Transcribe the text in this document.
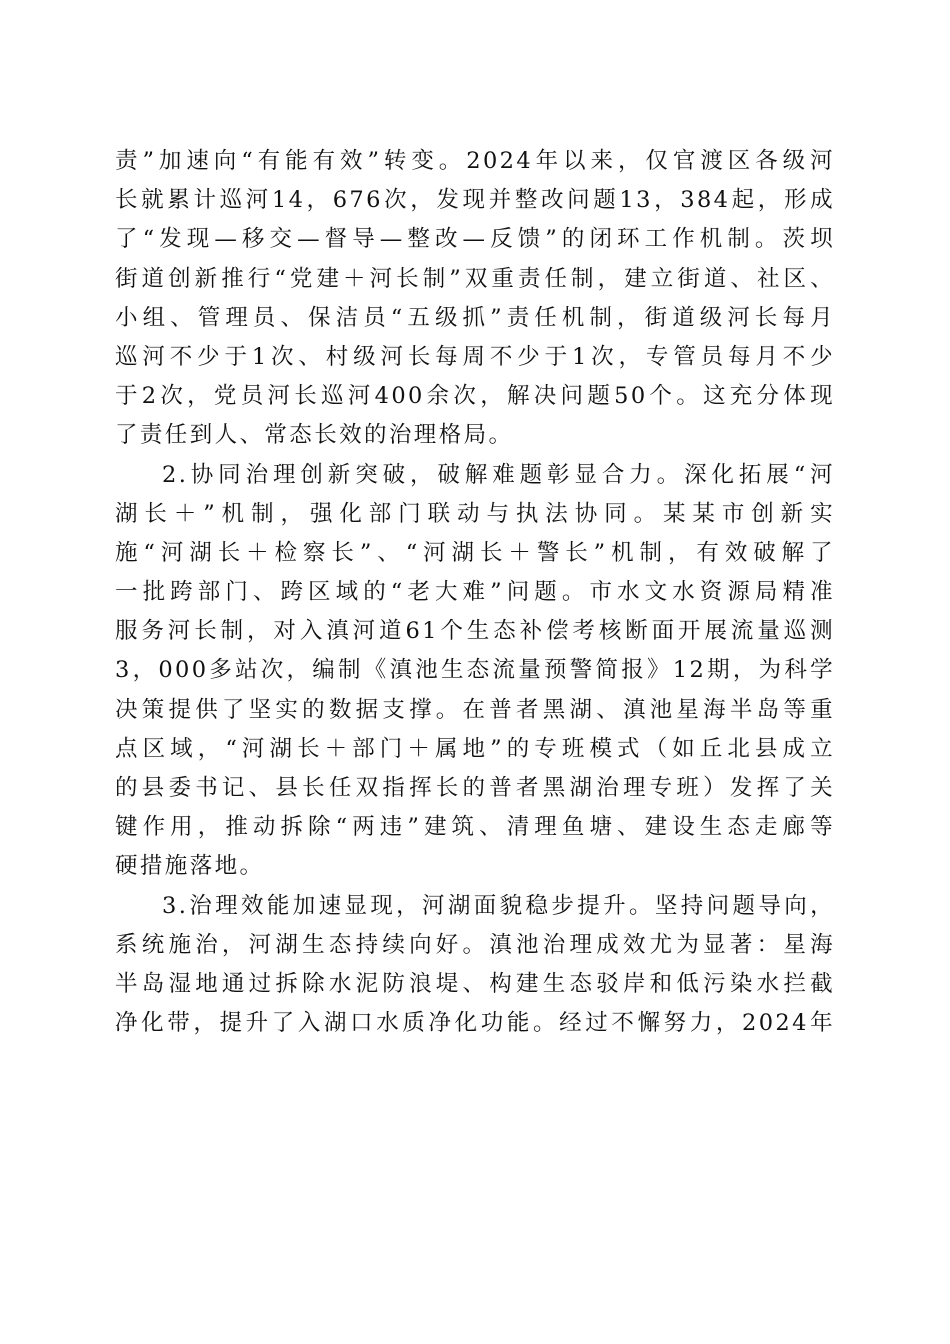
责”加速向“有能有效”转变。2024年以来，仅官渡区各级河
长就累计巡河14，676次，发现并整改问题13，384起，形成
了“发现—移交—督导—整改—反馈”的闭环工作机制。茨坝
街道创新推行“党建＋河长制”双重责任制，建立街道、社区、
小组、管理员、保洁员“五级抓”责任机制，街道级河长每月
巡河不少于1次、村级河长每周不少于1次，专管员每月不少
于2次，党员河长巡河400余次，解决问题50个。这充分体现
了责任到人、常态长效的治理格局。
2.协同治理创新突破，破解难题彰显合力。深化拓展“河
湖长＋”机制，强化部门联动与执法协同。某某市创新实
施“河湖长＋检察长”、“河湖长＋警长”机制，有效破解了
一批跨部门、跨区域的“老大难”问题。市水文水资源局精准
服务河长制，对入滇河道61个生态补偿考核断面开展流量巡测
3，000多站次，编制《滇池生态流量预警简报》12期，为科学
决策提供了坚实的数据支撑。在普者黑湖、滇池星海半岛等重
点区域，“河湖长＋部门＋属地”的专班模式（如丘北县成立
的县委书记、县长任双指挥长的普者黑湖治理专班）发挥了关
键作用，推动拆除“两违”建筑、清理鱼塘、建设生态走廊等
硬措施落地。
3.治理效能加速显现，河湖面貌稳步提升。坚持问题导向，
系统施治，河湖生态持续向好。滇池治理成效尤为显著：星海
半岛湿地通过拆除水泥防浪堤、构建生态驳岸和低污染水拦截
净化带，提升了入湖口水质净化功能。经过不懈努力，2024年
